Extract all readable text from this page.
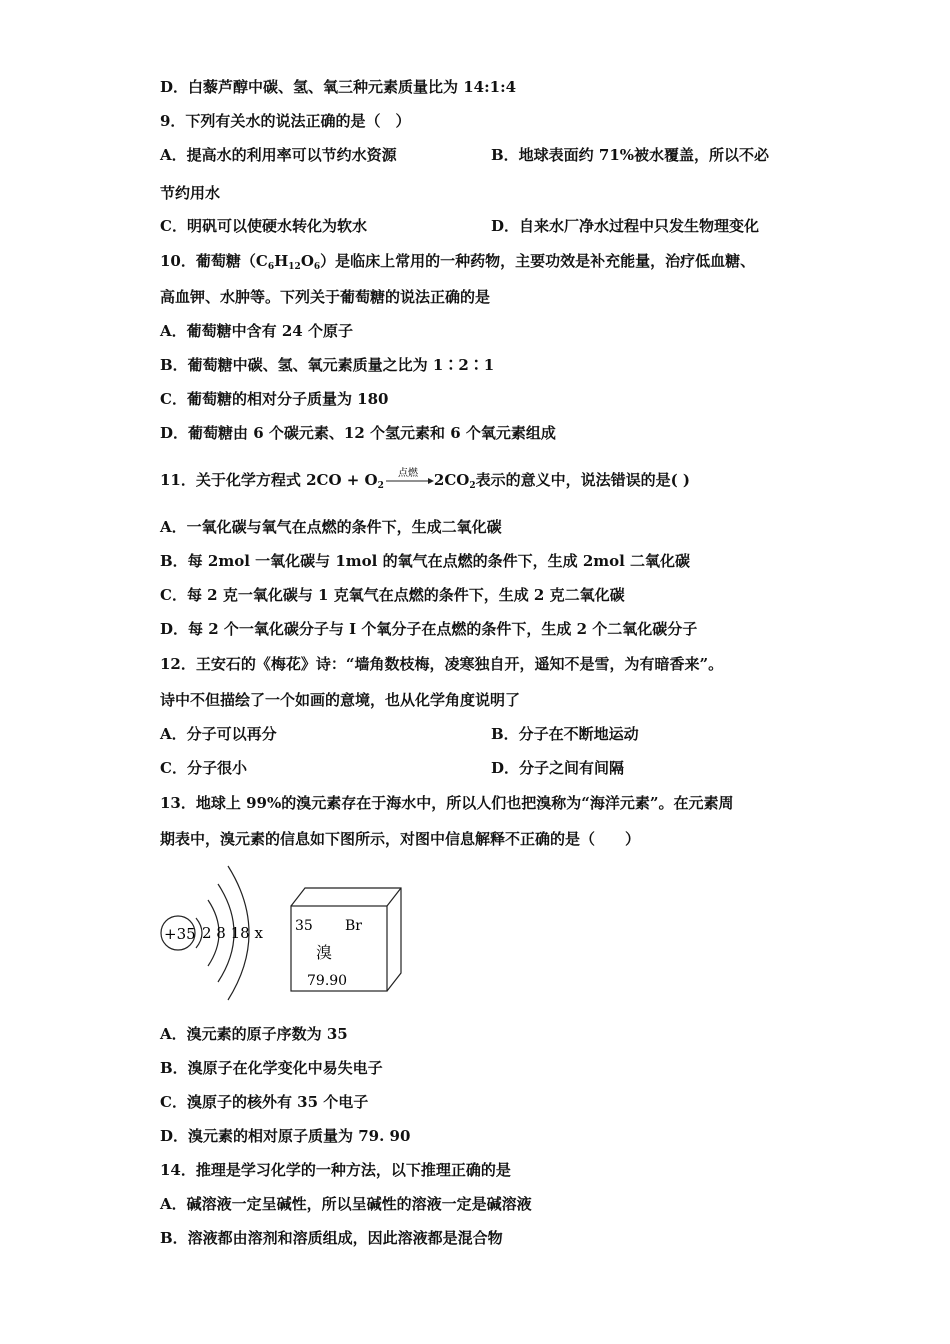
D．白藜芦醇中碳、氢、氧三种元素质量比为 14:1:4
9．下列有关水的说法正确的是（　）
A．提高水的利用率可以节约水资源	B．地球表面约 71%被水覆盖，所以不必
节约用水
C．明矾可以使硬水转化为软水	D．自来水厂净水过程中只发生物理变化
10．葡萄糖$(C_6H_{12}O_6)$是临床上常用的一种药物，主要功效是补充能量，治疗低血糖、
高血钾、水肿等。下列关于葡萄糖的说法正确的是
A．葡萄糖中含有 24 个原子
B．葡萄糖中碳、氢、氧元素质量之比为 1∶2∶1
C．葡萄糖的相对分子质量为 180
D．葡萄糖由 6 个碳元素、12 个氢元素和 6 个氧元素组成
11．关于化学方程式 $2CO + O_2$
点燃 $2CO_2$表示的意义中，说法错误的是( )
A．一氧化碳与氧气在点燃的条件下，生成二氧化碳
B．每 2mol 一氧化碳与 1mol 的氧气在点燃的条件下，生成 2mol 二氧化碳
C．每 2 克一氧化碳与 1 克氧气在点燃的条件下，生成 2 克二氧化碳
D．每 2 个一氧化碳分子与 I 个氧分子在点燃的条件下，生成 2 个二氧化碳分子
12．王安石的《梅花》诗：“墙角数枝梅，凌寒独自开，遥知不是雪，为有暗香来”。
诗中不但描绘了一个如画的意境，也从化学角度说明了
A．分子可以再分	B．分子在不断地运动
C．分子很小	D．分子之间有间隔
13．地球上 99%的溴元素存在于海水中，所以人们也把溴称为“海洋元素”。在元素周
期表中，溴元素的信息如下图所示，对图中信息解释不正确的是（　　）
+35 2 8 18 x 35 Br
溴
79.90
A．溴元素的原子序数为 35
B．溴原子在化学变化中易失电子
C．溴原子的核外有 35 个电子
D．溴元素的相对原子质量为 79. 90
14．推理是学习化学的一种方法，以下推理正确的是
A．碱溶液一定呈碱性，所以呈碱性的溶液一定是碱溶液
B．溶液都由溶剂和溶质组成，因此溶液都是混合物
